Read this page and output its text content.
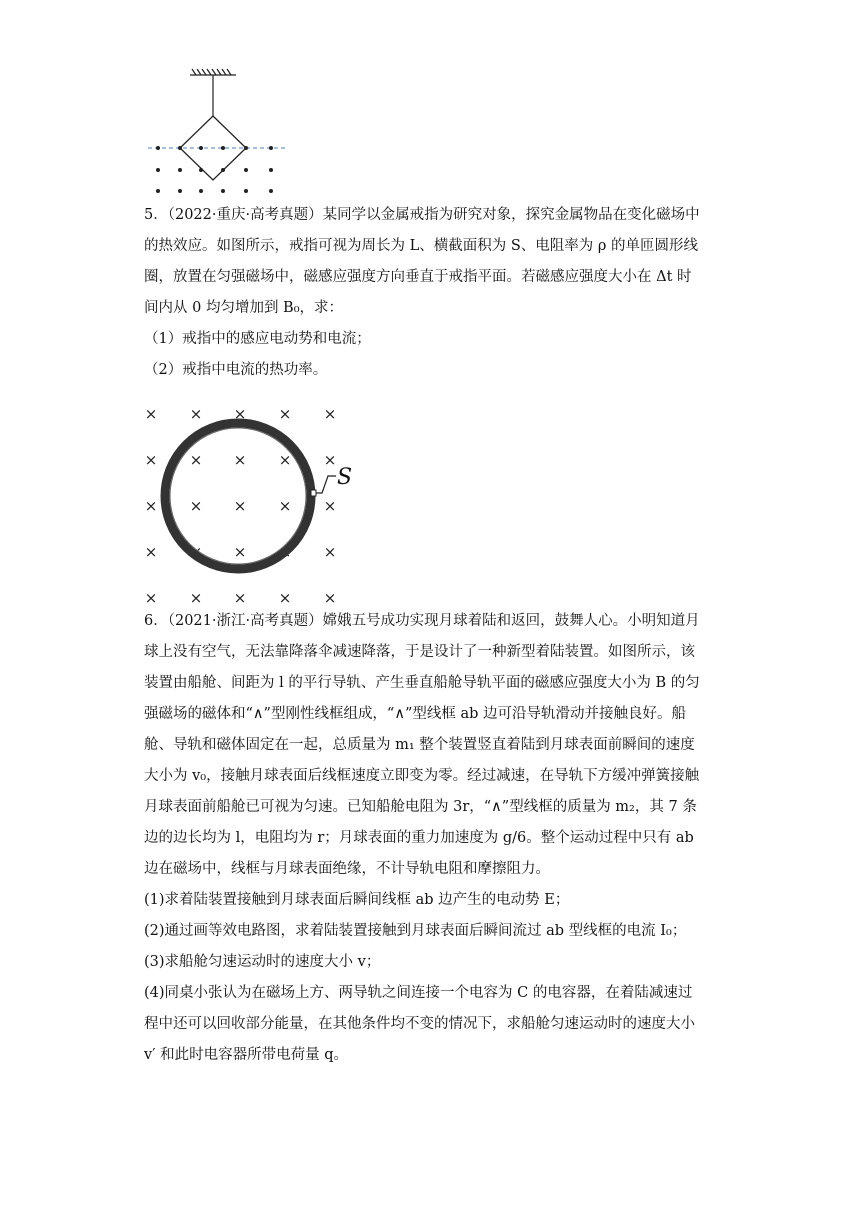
5．（2022·重庆·高考真题）某同学以金属戒指为研究对象，探究金属物品在变化磁场中
的热效应。如图所示，戒指可视为周长为 L、横截面积为 S、电阻率为 ρ 的单匝圆形线
圈，放置在匀强磁场中，磁感应强度方向垂直于戒指平面。若磁感应强度大小在 Δt 时
间内从 0 均匀增加到 B₀，求：
（1）戒指中的感应电动势和电流；
（2）戒指中电流的热功率。
× × × × ×
× × × × ×
× × × × ×
× × × × ×
× × × × ×
S
6．（2021·浙江·高考真题）嫦娥五号成功实现月球着陆和返回，鼓舞人心。小明知道月
球上没有空气，无法靠降落伞减速降落，于是设计了一种新型着陆装置。如图所示，该
装置由船舱、间距为 l 的平行导轨、产生垂直船舱导轨平面的磁感应强度大小为 B 的匀
强磁场的磁体和“∧”型刚性线框组成，“∧”型线框 ab 边可沿导轨滑动并接触良好。船
舱、导轨和磁体固定在一起，总质量为 m₁ 整个装置竖直着陆到月球表面前瞬间的速度
大小为 v₀，接触月球表面后线框速度立即变为零。经过减速，在导轨下方缓冲弹簧接触
月球表面前船舱已可视为匀速。已知船舱电阻为 3r，“∧”型线框的质量为 m₂，其 7 条
边的边长均为 l，电阻均为 r；月球表面的重力加速度为 g/6。整个运动过程中只有 ab
边在磁场中，线框与月球表面绝缘，不计导轨电阻和摩擦阻力。
(1)求着陆装置接触到月球表面后瞬间线框 ab 边产生的电动势 E；
(2)通过画等效电路图，求着陆装置接触到月球表面后瞬间流过 ab 型线框的电流 I₀；
(3)求船舱匀速运动时的速度大小 v；
(4)同桌小张认为在磁场上方、两导轨之间连接一个电容为 C 的电容器，在着陆减速过
程中还可以回收部分能量，在其他条件均不变的情况下，求船舱匀速运动时的速度大小
v′ 和此时电容器所带电荷量 q。
